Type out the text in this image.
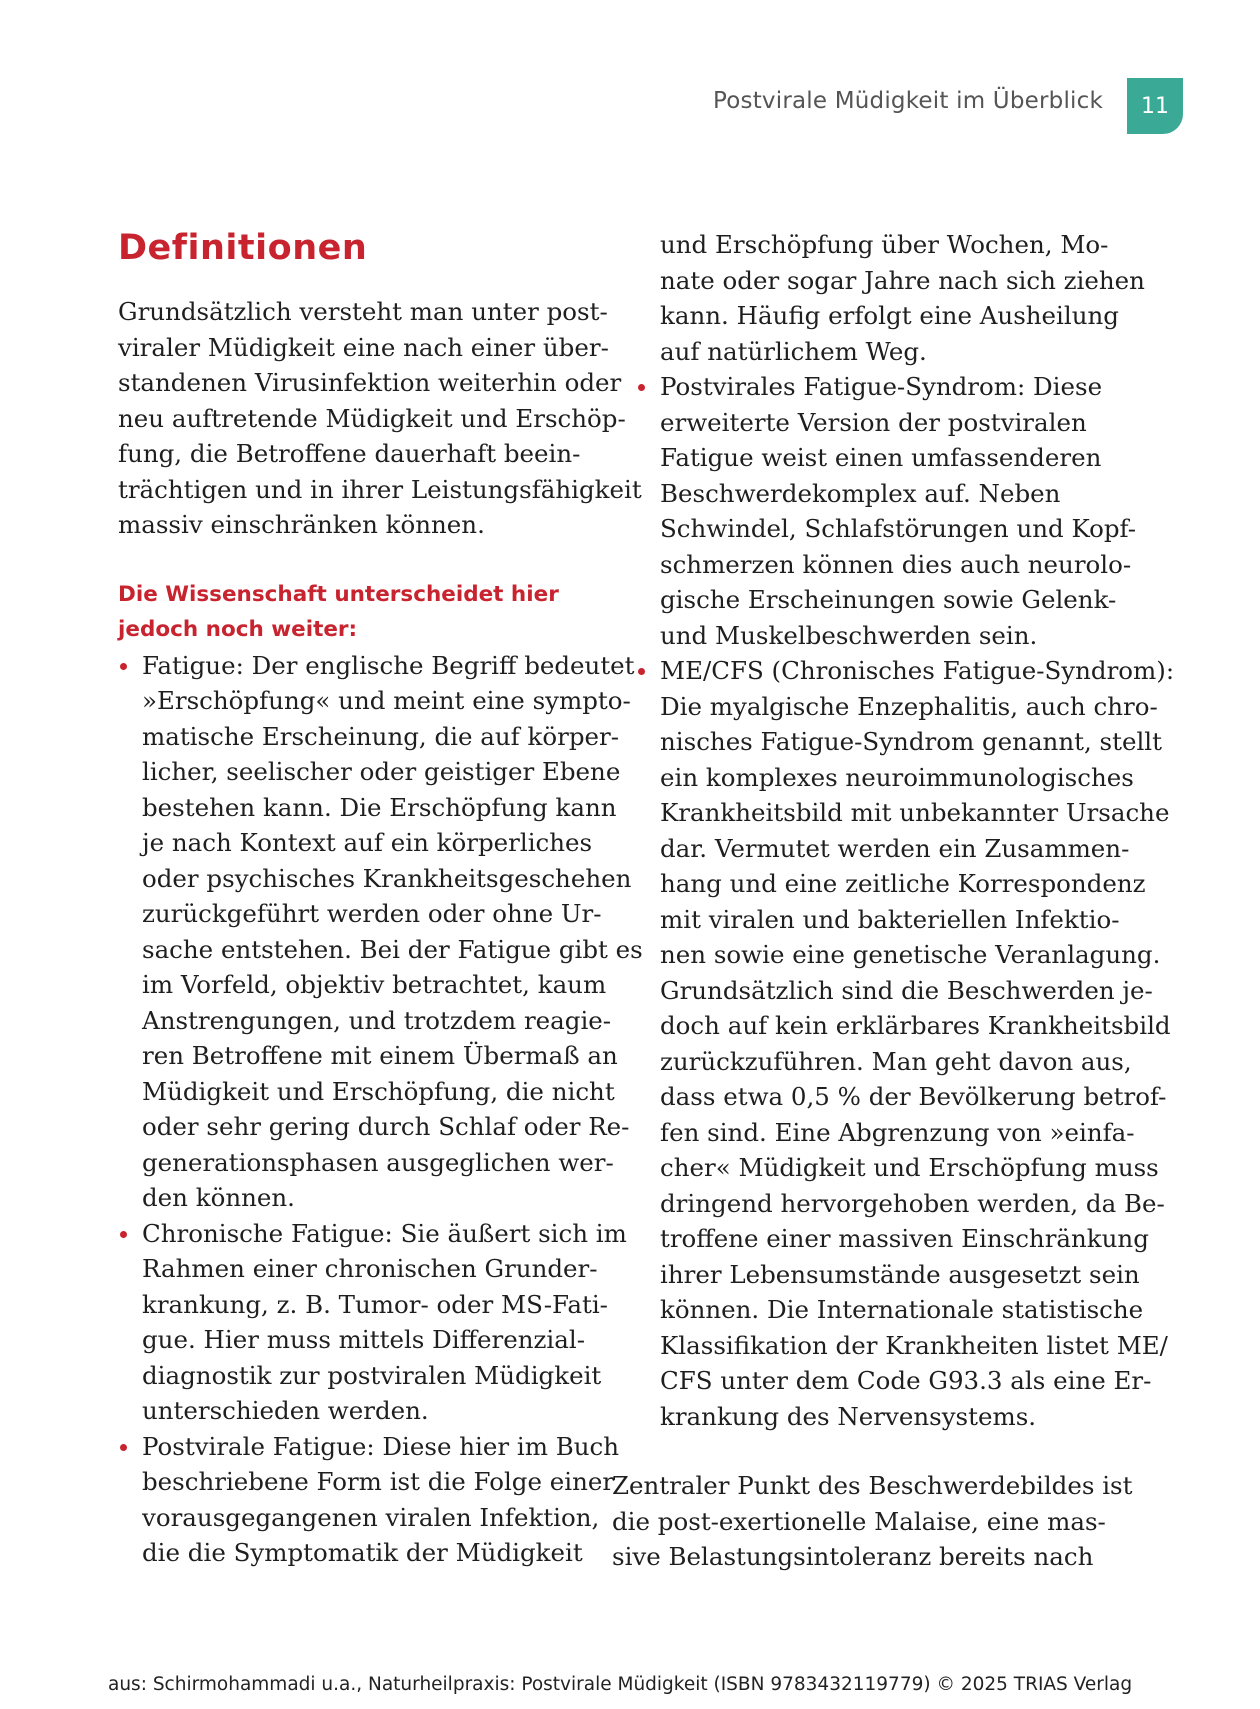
Postvirale Müdigkeit im Überblick	11
Definitionen

Grundsätzlich versteht man unter post-
viraler Müdigkeit eine nach einer über-
standenen Virusinfektion weiterhin oder
neu auftretende Müdigkeit und Erschöp-
fung, die Betroffene dauerhaft beein-
trächtigen und in ihrer Leistungsfähigkeit
massiv einschränken können.

Die Wissenschaft unterscheidet hier
jedoch noch weiter:
Fatigue: Der englische Begriff bedeutet
»Erschöpfung« und meint eine sympto-
matische Erscheinung, die auf körper-
licher, seelischer oder geistiger Ebene
bestehen kann. Die Erschöpfung kann
je nach Kontext auf ein körperliches
oder psychisches Krankheitsgeschehen
zurückgeführt werden oder ohne Ur-
sache entstehen. Bei der Fatigue gibt es
im Vorfeld, objektiv betrachtet, kaum
Anstrengungen, und trotzdem reagie-
ren Betroffene mit einem Übermaß an
Müdigkeit und Erschöpfung, die nicht
oder sehr gering durch Schlaf oder Re-
generationsphasen ausgeglichen wer-
den können.
Chronische Fatigue: Sie äußert sich im
Rahmen einer chronischen Grunder-
krankung, z. B. Tumor- oder MS-Fati-
gue. Hier muss mittels Differenzial-
diagnostik zur postviralen Müdigkeit
unterschieden werden.
Postvirale Fatigue: Diese hier im Buch
beschriebene Form ist die Folge einer
vorausgegangenen viralen Infektion,
die die Symptomatik der Müdigkeit
und Erschöpfung über Wochen, Mo-
nate oder sogar Jahre nach sich ziehen
kann. Häufig erfolgt eine Ausheilung
auf natürlichem Weg.
Postvirales Fatigue-Syndrom: Diese
erweiterte Version der postviralen
Fatigue weist einen umfassenderen
Beschwerdekomplex auf. Neben
Schwindel, Schlafstörungen und Kopf-
schmerzen können dies auch neurolo-
gische Erscheinungen sowie Gelenk-
und Muskelbeschwerden sein.
ME/CFS (Chronisches Fatigue-Syndrom):
Die myalgische Enzephalitis, auch chro-
nisches Fatigue-Syndrom genannt, stellt
ein komplexes neuroimmunologisches
Krankheitsbild mit unbekannter Ursache
dar. Vermutet werden ein Zusammen-
hang und eine zeitliche Korrespondenz
mit viralen und bakteriellen Infektio-
nen sowie eine genetische Veranlagung.
Grundsätzlich sind die Beschwerden je-
doch auf kein erklärbares Krankheitsbild
zurückzuführen. Man geht davon aus,
dass etwa 0,5 % der Bevölkerung betrof-
fen sind. Eine Abgrenzung von »einfa-
cher« Müdigkeit und Erschöpfung muss
dringend hervorgehoben werden, da Be-
troffene einer massiven Einschränkung
ihrer Lebensumstände ausgesetzt sein
können. Die Internationale statistische
Klassifikation der Krankheiten listet ME/
CFS unter dem Code G93.3 als eine Er-
krankung des Nervensystems.

Zentraler Punkt des Beschwerdebildes ist
die post-exertionelle Malaise, eine mas-
sive Belastungsintoleranz bereits nach

aus: Schirmohammadi u.a., Naturheilpraxis: Postvirale Müdigkeit (ISBN 9783432119779) © 2025 TRIAS Verlag
